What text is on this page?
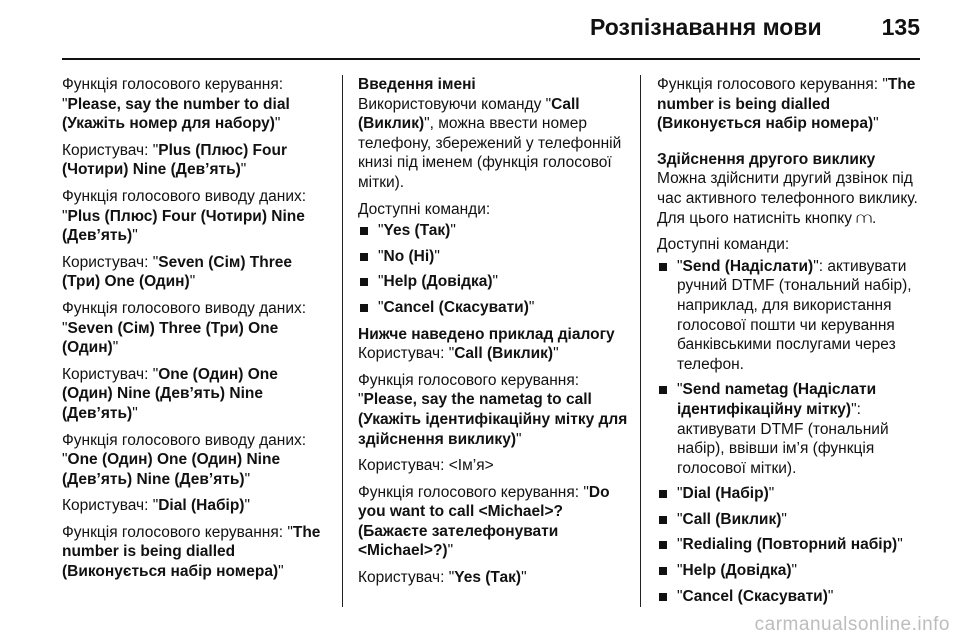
Розпізнавання мови	135

Функція голосового керування: "Please, say the number to dial (Укажіть номер для набору)"

Користувач: "Plus (Плюс) Four (Чотири) Nine (Дев’ять)"

Функція голосового виводу даних: "Plus (Плюс) Four (Чотири) Nine (Дев’ять)"

Користувач: "Seven (Сім) Three (Три) One (Один)"

Функція голосового виводу даних: "Seven (Сім) Three (Три) One (Один)"

Користувач: "One (Один) One (Один) Nine (Дев’ять) Nine (Дев’ять)"

Функція голосового виводу даних: "One (Один) One (Один) Nine (Дев’ять) Nine (Дев’ять)"

Користувач: "Dial (Набір)"

Функція голосового керування: "The number is being dialled (Виконується набір номера)"

Введення імені

Використовуючи команду "Call (Виклик)", можна ввести номер телефону, збережений у телефонній книзі під іменем (функція голосової мітки).

Доступні команди:

"Yes (Так)"
"No (Ні)"
"Help (Довідка)"
"Cancel (Скасувати)"
Нижче наведено приклад діалогу

Користувач: "Call (Виклик)"

Функція голосового керування: "Please, say the nametag to call (Укажіть ідентифікаційну мітку для здійснення виклику)"

Користувач: <Ім’я>

Функція голосового керування: "Do you want to call <Michael>? (Бажаєте зателефонувати <Michael>?)"

Користувач: "Yes (Так)"

Функція голосового керування: "The number is being dialled (Виконується набір номера)"

Здійснення другого виклику

Можна здійснити другий дзвінок під час активного телефонного виклику. Для цього натисніть кнопку ⩋.

Доступні команди:

"Send (Надіслати)": активувати ручний DTMF (тональний набір), наприклад, для використання голосової пошти чи керування банківськими послугами через телефон.
"Send nametag (Надіслати ідентифікаційну мітку)": активувати DTMF (тональний набір), ввівши ім’я (функція голосової мітки).
"Dial (Набір)"
"Call (Виклик)"
"Redialing (Повторний набір)"
"Help (Довідка)"
"Cancel (Скасувати)"
carmanualsonline.info
